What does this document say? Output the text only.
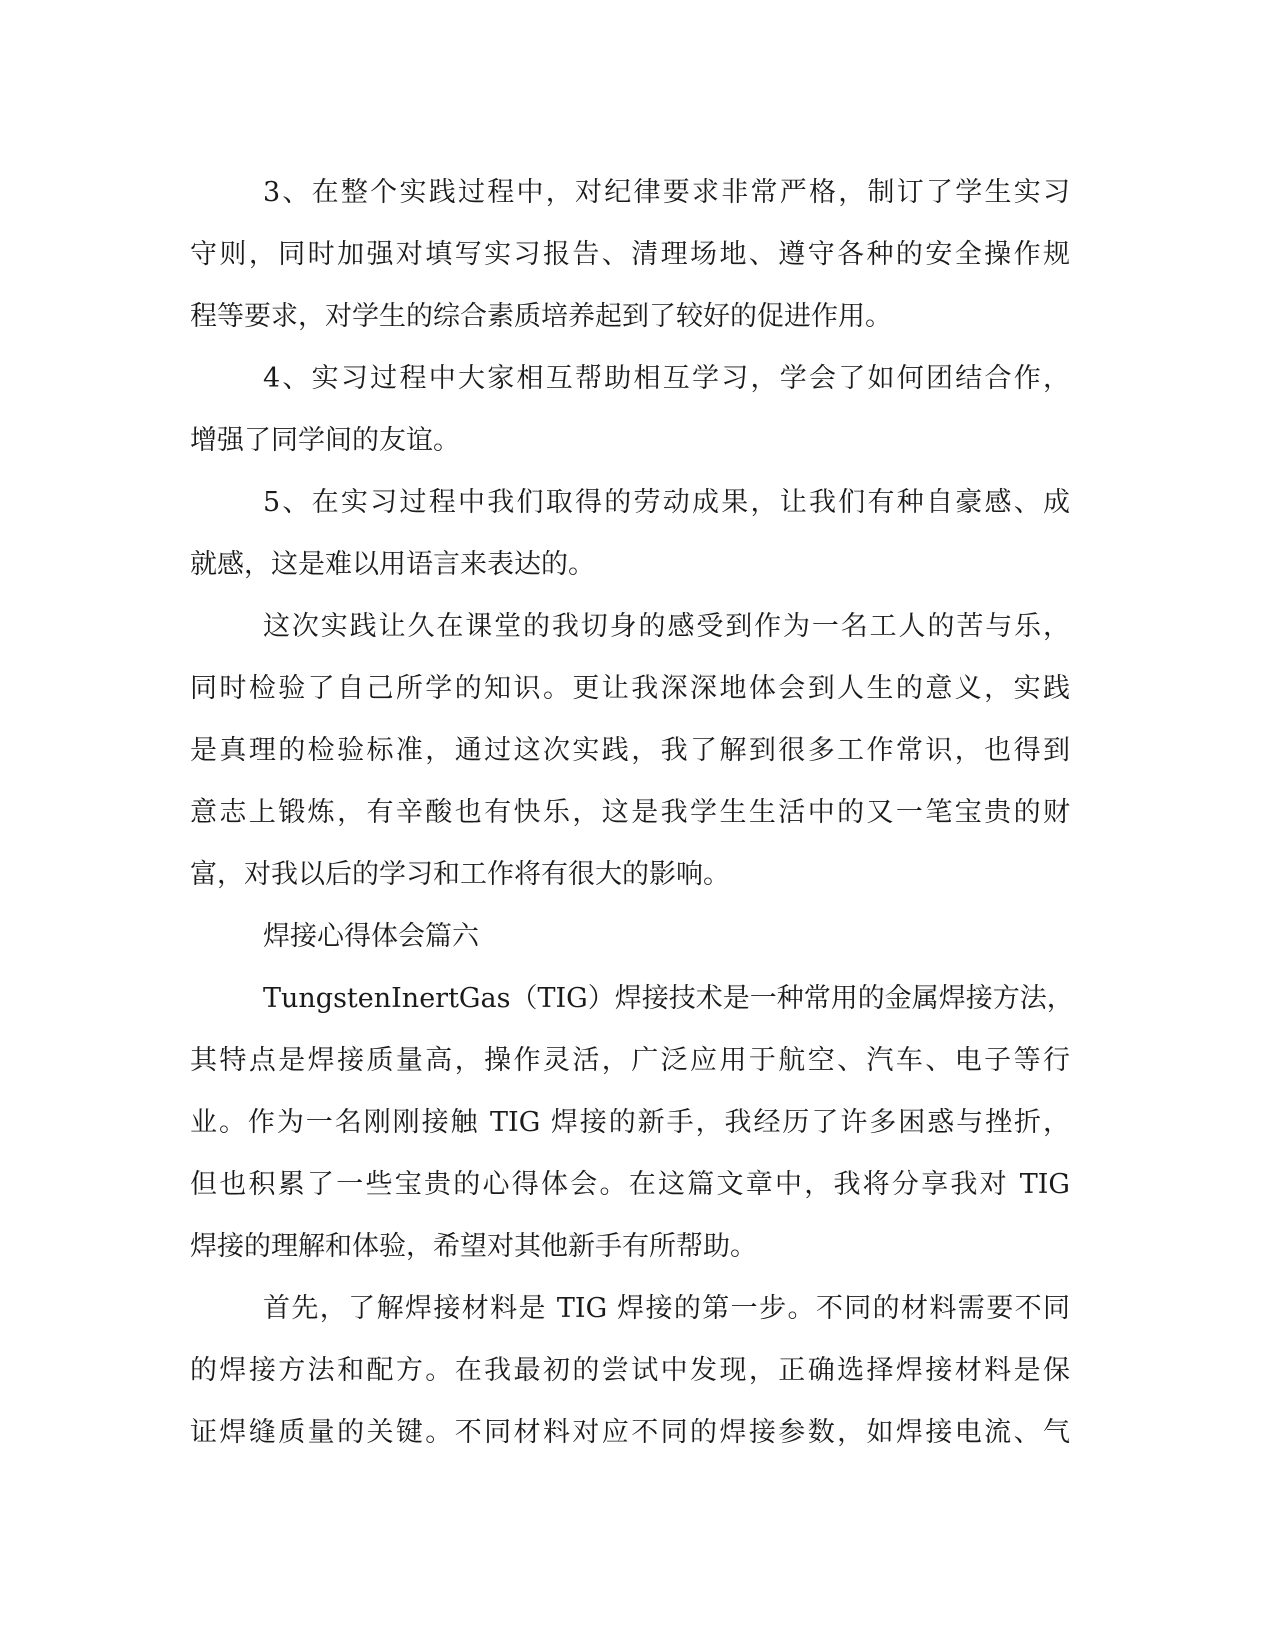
3、在整个实践过程中，对纪律要求非常严格，制订了学生实习

守则，同时加强对填写实习报告、清理场地、遵守各种的安全操作规

程等要求，对学生的综合素质培养起到了较好的促进作用。

4、实习过程中大家相互帮助相互学习，学会了如何团结合作，

增强了同学间的友谊。

5、在实习过程中我们取得的劳动成果，让我们有种自豪感、成

就感，这是难以用语言来表达的。

这次实践让久在课堂的我切身的感受到作为一名工人的苦与乐，

同时检验了自己所学的知识。更让我深深地体会到人生的意义，实践

是真理的检验标准，通过这次实践，我了解到很多工作常识，也得到

意志上锻炼，有辛酸也有快乐，这是我学生生活中的又一笔宝贵的财

富，对我以后的学习和工作将有很大的影响。

焊接心得体会篇六

TungstenInertGas（TIG）焊接技术是一种常用的金属焊接方法，

其特点是焊接质量高，操作灵活，广泛应用于航空、汽车、电子等行

业。作为一名刚刚接触 TIG 焊接的新手，我经历了许多困惑与挫折，

但也积累了一些宝贵的心得体会。在这篇文章中，我将分享我对 TIG

焊接的理解和体验，希望对其他新手有所帮助。

首先，了解焊接材料是 TIG 焊接的第一步。不同的材料需要不同

的焊接方法和配方。在我最初的尝试中发现，正确选择焊接材料是保

证焊缝质量的关键。不同材料对应不同的焊接参数，如焊接电流、气
